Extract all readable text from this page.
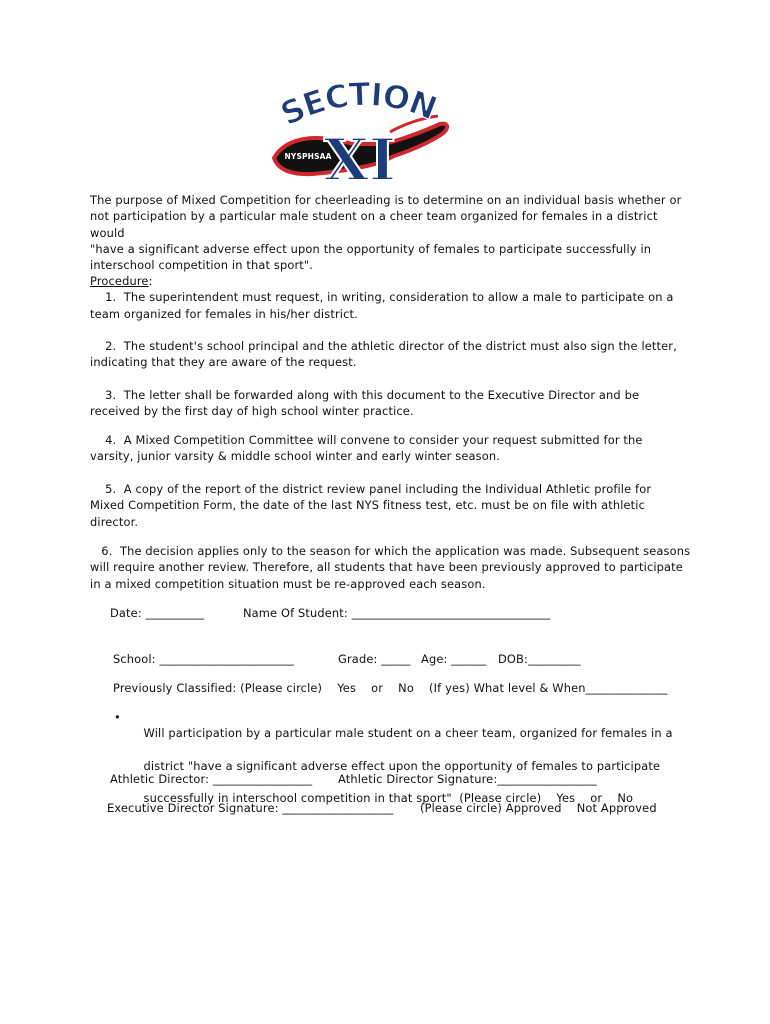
SECTION
XI
NYSPHSAA

The purpose of Mixed Competition for cheerleading is to determine on an individual basis whether or
not participation by a particular male student on a cheer team organized for females in a district would
"have a significant adverse effect upon the opportunity of females to participate successfully in
interschool competition in that sport".

Procedure:
1.  The superintendent must request, in writing, consideration to allow a male to participate on a
team organized for females in his/her district.

2.  The student's school principal and the athletic director of the district must also sign the letter,
indicating that they are aware of the request.

3.  The letter shall be forwarded along with this document to the Executive Director and be
received by the first day of high school winter practice.

4.  A Mixed Competition Committee will convene to consider your request submitted for the
varsity, junior varsity & middle school winter and early winter season.

5.  A copy of the report of the district review panel including the Individual Athletic profile for
Mixed Competition Form, the date of the last NYS fitness test, etc. must be on file with athletic
director.

6.  The decision applies only to the season for which the application was made. Subsequent seasons
will require another review. Therefore, all students that have been previously approved to participate
in a mixed competition situation must be re-approved each season.

Date: __________	Name Of Student: __________________________________
School: _______________________	Grade: _____ Age: ______ DOB:_________
Previously Classified: (Please circle)    Yes    or    No    (If yes) What level & When______________
•

Will participation by a particular male student on a cheer team, organized for females in a

district "have a significant adverse effect upon the opportunity of females to participate

successfully in interschool competition in that sport"  (Please circle)    Yes    or    No

Athletic Director: _________________ Athletic Director Signature:_________________
Executive Director Signature: ___________________ (Please circle) Approved    Not Approved
